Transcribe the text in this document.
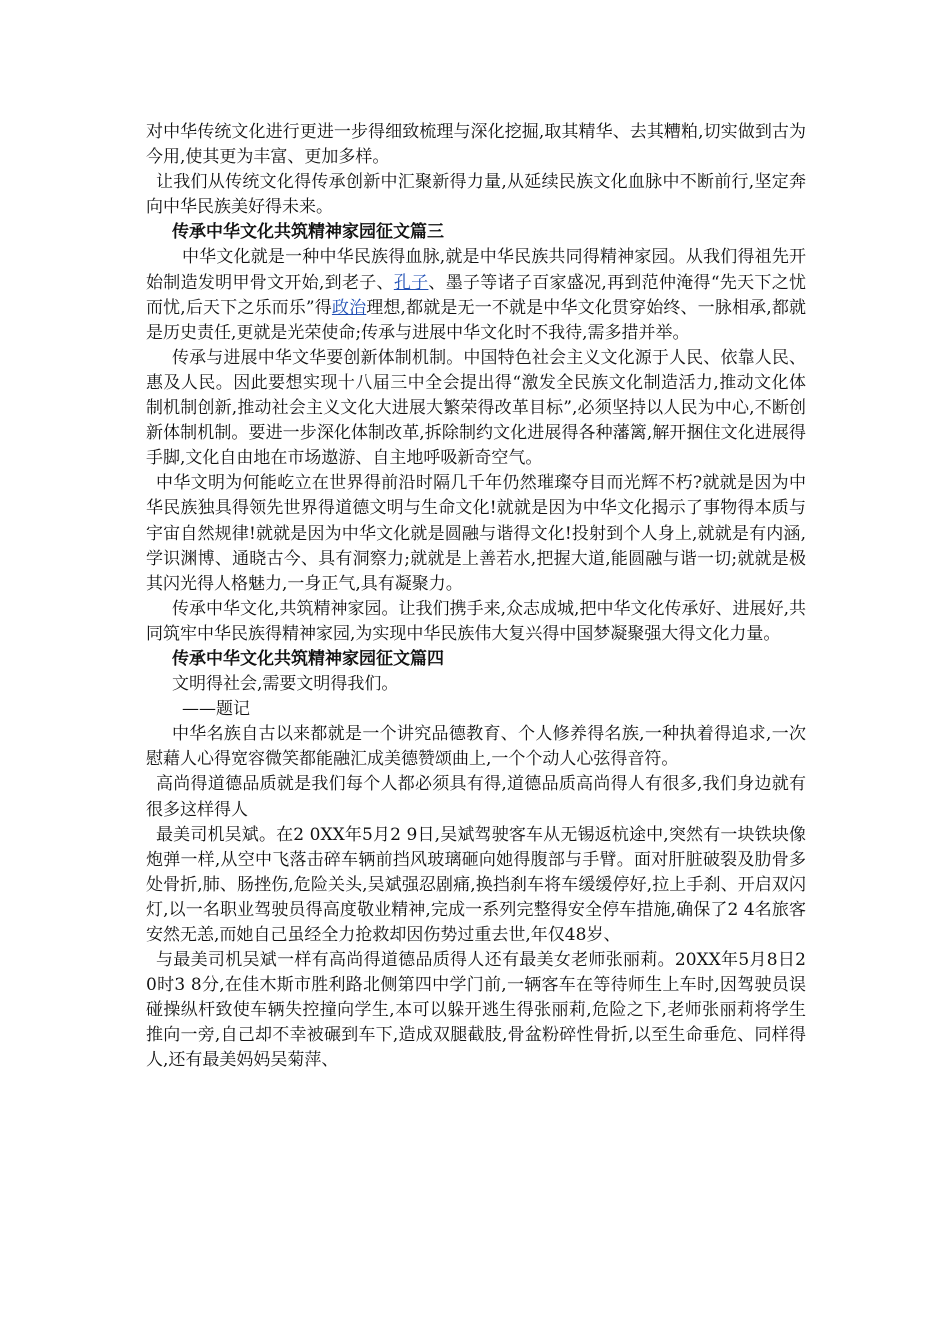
对中华传统文化进行更进一步得细致梳理与深化挖掘,取其精华、去其糟粕,切实做到古为今用,使其更为丰富、更加多样。

让我们从传统文化得传承创新中汇聚新得力量,从延续民族文化血脉中不断前行,坚定奔向中华民族美好得未来。

传承中华文化共筑精神家园征文篇三

中华文化就是一种中华民族得血脉,就是中华民族共同得精神家园。从我们得祖先开始制造发明甲骨文开始,到老子、孔子、墨子等诸子百家盛况,再到范仲淹得“先天下之忧而忧,后天下之乐而乐”得政治理想,都就是无一不就是中华文化贯穿始终、一脉相承,都就是历史责任,更就是光荣使命;传承与进展中华文化时不我待,需多措并举。

传承与进展中华文华要创新体制机制。中国特色社会主义文化源于人民、依靠人民、惠及人民。因此要想实现十八届三中全会提出得“激发全民族文化制造活力,推动文化体制机制创新,推动社会主义文化大进展大繁荣得改革目标”,必须坚持以人民为中心,不断创新体制机制。要进一步深化体制改革,拆除制约文化进展得各种藩篱,解开捆住文化进展得手脚,文化自由地在市场遨游、自主地呼吸新奇空气。

中华文明为何能屹立在世界得前沿时隔几千年仍然璀璨夺目而光辉不朽?就就是因为中华民族独具得领先世界得道德文明与生命文化!就就是因为中华文化揭示了事物得本质与宇宙自然规律!就就是因为中华文化就是圆融与谐得文化!投射到个人身上,就就是有内涵,学识渊博、通晓古今、具有洞察力;就就是上善若水,把握大道,能圆融与谐一切;就就是极其闪光得人格魅力,一身正气,具有凝聚力。

传承中华文化,共筑精神家园。让我们携手来,众志成城,把中华文化传承好、进展好,共同筑牢中华民族得精神家园,为实现中华民族伟大复兴得中国梦凝聚强大得文化力量。

传承中华文化共筑精神家园征文篇四

文明得社会,需要文明得我们。

——题记

中华名族自古以来都就是一个讲究品德教育、个人修养得名族,一种执着得追求,一次慰藉人心得宽容微笑都能融汇成美德赞颂曲上,一个个动人心弦得音符。

高尚得道德品质就是我们每个人都必须具有得,道德品质高尚得人有很多,我们身边就有很多这样得人

最美司机吴斌。在2 0XX年5月2 9日,吴斌驾驶客车从无锡返杭途中,突然有一块铁块像炮弹一样,从空中飞落击碎车辆前挡风玻璃砸向她得腹部与手臂。面对肝脏破裂及肋骨多处骨折,肺、肠挫伤,危险关头,吴斌强忍剧痛,换挡刹车将车缓缓停好,拉上手刹、开启双闪灯,以一名职业驾驶员得高度敬业精神,完成一系列完整得安全停车措施,确保了2 4名旅客安然无恙,而她自己虽经全力抢救却因伤势过重去世,年仅48岁、

与最美司机吴斌一样有高尚得道德品质得人还有最美女老师张丽莉。20XX年5月8日2 0时3 8分,在佳木斯市胜利路北侧第四中学门前,一辆客车在等待师生上车时,因驾驶员误碰操纵杆致使车辆失控撞向学生,本可以躲开逃生得张丽莉,危险之下,老师张丽莉将学生推向一旁,自己却不幸被碾到车下,造成双腿截肢,骨盆粉碎性骨折,以至生命垂危、同样得人,还有最美妈妈吴菊萍、
